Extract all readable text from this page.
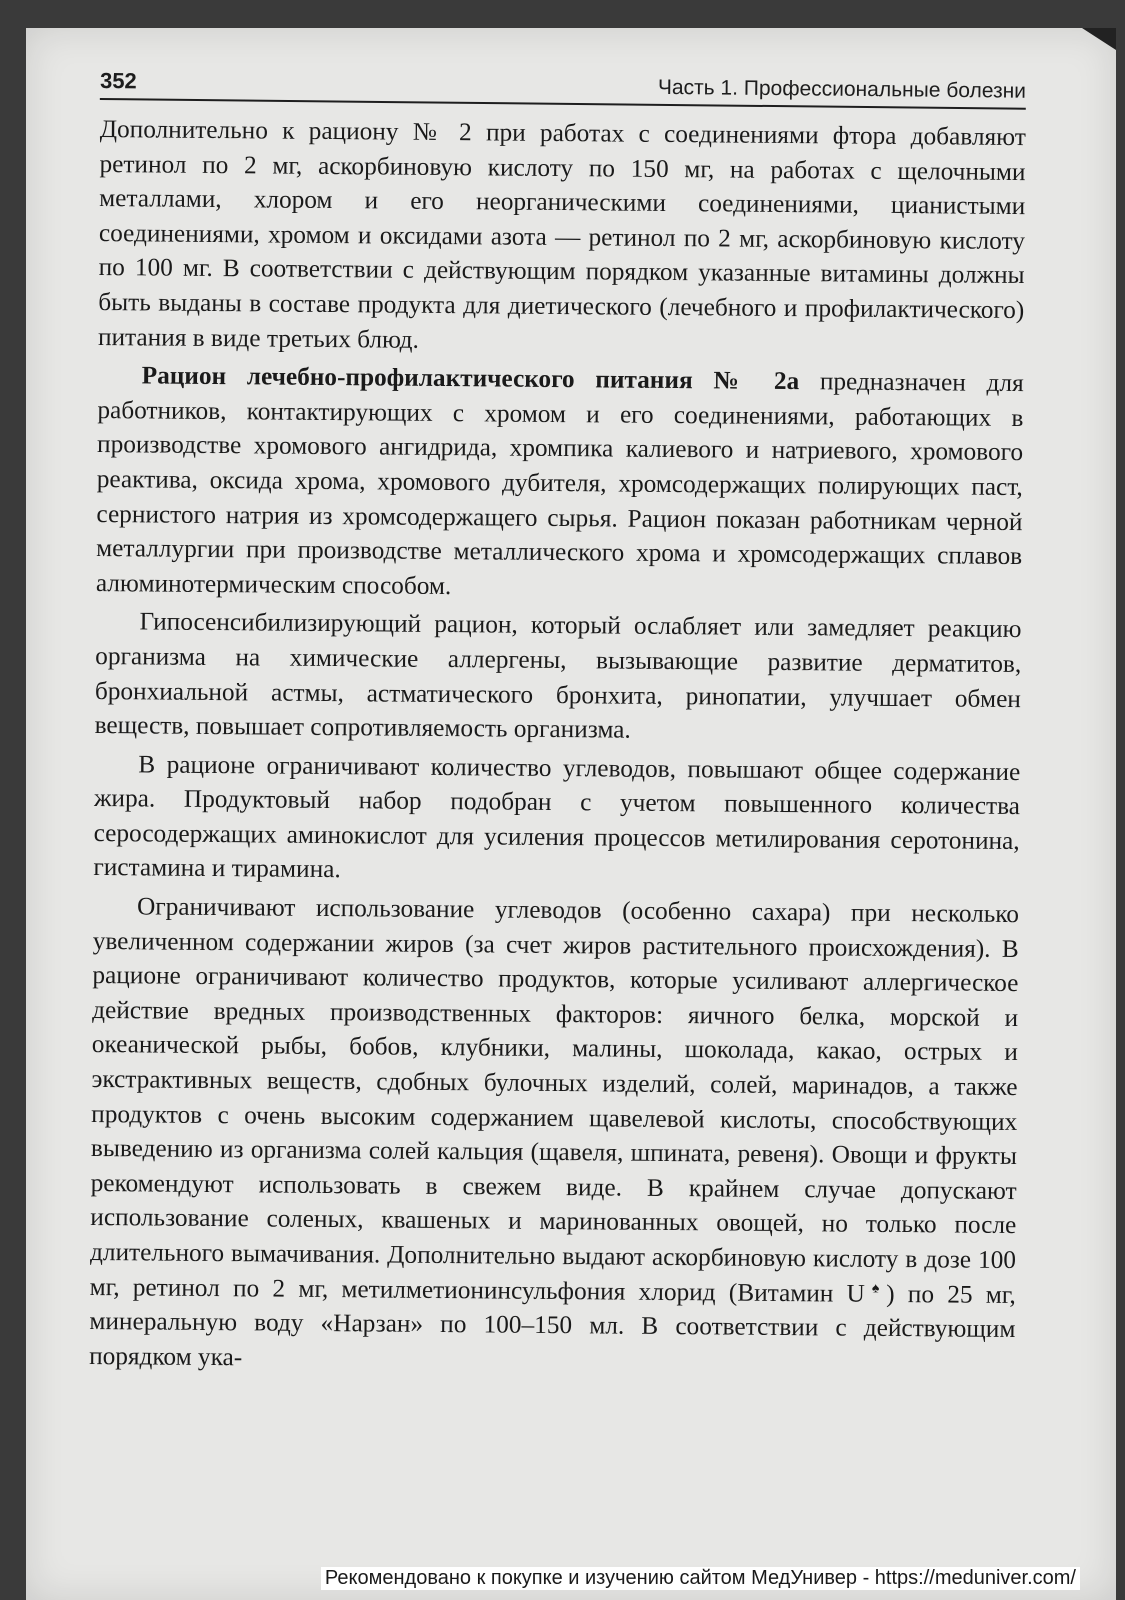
352	Часть 1. Профессиональные болезни

Дополнительно к рациону № 2 при работах с соединениями фтора добавляют ретинол по 2 мг, аскорбиновую кислоту по 150 мг, на работах с щелочными металлами, хлором и его неорганическими соединениями, цианистыми соединениями, хромом и оксидами азота — ретинол по 2 мг, аскорбиновую кислоту по 100 мг. В соответствии с действующим порядком указанные витамины должны быть выданы в составе продукта для диетического (лечебного и профилактического) питания в виде третьих блюд.

Рацион лечебно-профилактического питания № 2а предназначен для работников, контактирующих с хромом и его соединениями, работающих в производстве хромового ангидрида, хромпика калиевого и натриевого, хромового реактива, оксида хрома, хромового дубителя, хромсодержащих полирующих паст, сернистого натрия из хромсодержащего сырья. Рацион показан работникам черной металлургии при производстве металлического хрома и хромсодержащих сплавов алюминотермическим способом.

Гипосенсибилизирующий рацион, который ослабляет или замедляет реакцию организма на химические аллергены, вызывающие развитие дерматитов, бронхиальной астмы, астматического бронхита, ринопатии, улучшает обмен веществ, повышает сопротивляемость организма.

В рационе ограничивают количество углеводов, повышают общее содержание жира. Продуктовый набор подобран с учетом повышенного количества серосодержащих аминокислот для усиления процессов метилирования серотонина, гистамина и тирамина.

Ограничивают использование углеводов (особенно сахара) при несколько увеличенном содержании жиров (за счет жиров растительного происхождения). В рационе ограничивают количество продуктов, которые усиливают аллергическое действие вредных производственных факторов: яичного белка, морской и океанической рыбы, бобов, клубники, малины, шоколада, какао, острых и экстрактивных веществ, сдобных булочных изделий, солей, маринадов, а также продуктов с очень высоким содержанием щавелевой кислоты, способствующих выведению из организма солей кальция (щавеля, шпината, ревеня). Овощи и фрукты рекомендуют использовать в свежем виде. В крайнем случае допускают использование соленых, квашеных и маринованных овощей, но только после длительного вымачивания. Дополнительно выдают аскорбиновую кислоту в дозе 100 мг, ретинол по 2 мг, метилметионинсульфония хлорид (Витамин U♠) по 25 мг, минеральную воду «Нарзан» по 100–150 мл. В соответствии с действующим порядком ука-

Рекомендовано к покупке и изучению сайтом МедУнивер - https://meduniver.com/
